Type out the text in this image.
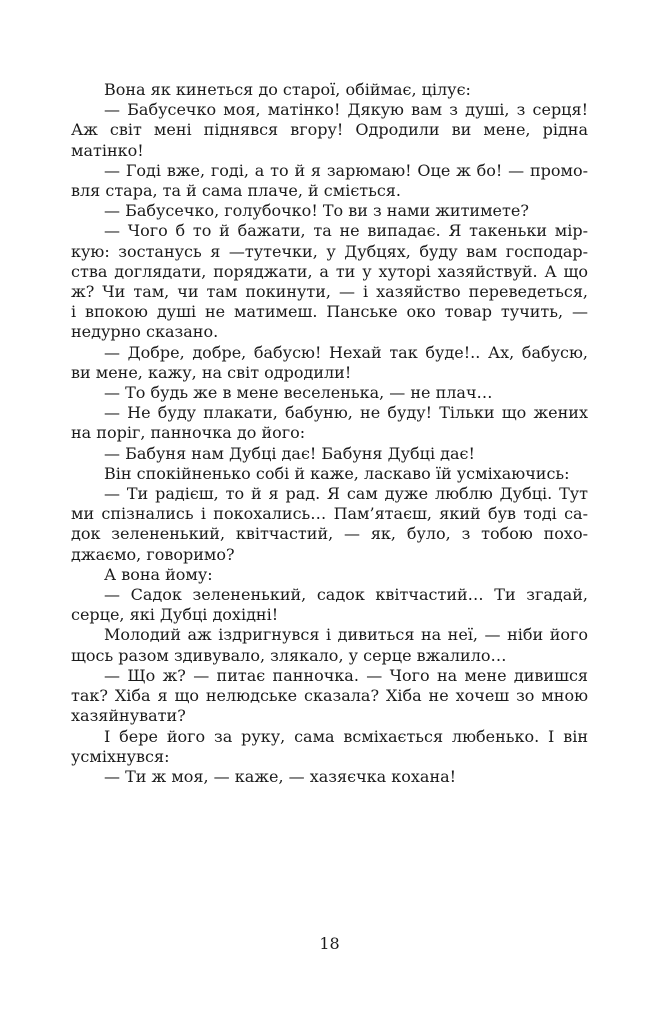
Вона як кинеться до старої, обіймає, цілує:
— Бабусечко моя, матінко! Дякую вам з душі, з серця!
Аж світ мені піднявся вгору! Одродили ви мене, рідна
матінко!
— Годі вже, годі, а то й я зарюмаю! Оце ж бо! — промо-
вля стара, та й сама плаче, й сміється.
— Бабусечко, голубочко! То ви з нами житимете?
— Чого б то й бажати, та не випадає. Я такеньки мір-
кую: зостанусь я —тутечки, у Дубцях, буду вам господар-
ства доглядати, поряджати, а ти у хуторі хазяйствуй. А що
ж? Чи там, чи там покинути, — і хазяйство переведеться,
і впокою душі не матимеш. Панське око товар тучить, —
недурно сказано.
— Добре, добре, бабусю! Нехай так буде!.. Ах, бабусю,
ви мене, кажу, на світ одродили!
— То будь же в мене веселенька, — не плач…
— Не буду плакати, бабуню, не буду! Тільки що жених
на поріг, панночка до його:
— Бабуня нам Дубці дає! Бабуня Дубці дає!
Він спокійненько собі й каже, ласкаво їй усміхаючись:
— Ти радієш, то й я рад. Я сам дуже люблю Дубці. Тут
ми спізнались і покохались… Пам’ятаєш, який був тоді са-
док зелененький, квітчастий, — як, було, з тобою похо-
джаємо, говоримо?
А вона йому:
— Садок зелененький, садок квітчастий… Ти згадай,
серце, які Дубці дохідні!
Молодий аж іздригнувся і дивиться на неї, — ніби його
щось разом здивувало, злякало, у серце вжалило…
— Що ж? — питає панночка. — Чого на мене дивишся
так? Хіба я що нелюдське сказала? Хіба не хочеш зо мною
хазяйнувати?
І бере його за руку, сама всміхається любенько. І він
усміхнувся:
— Ти ж моя, — каже, — хазяєчка кохана!
18
